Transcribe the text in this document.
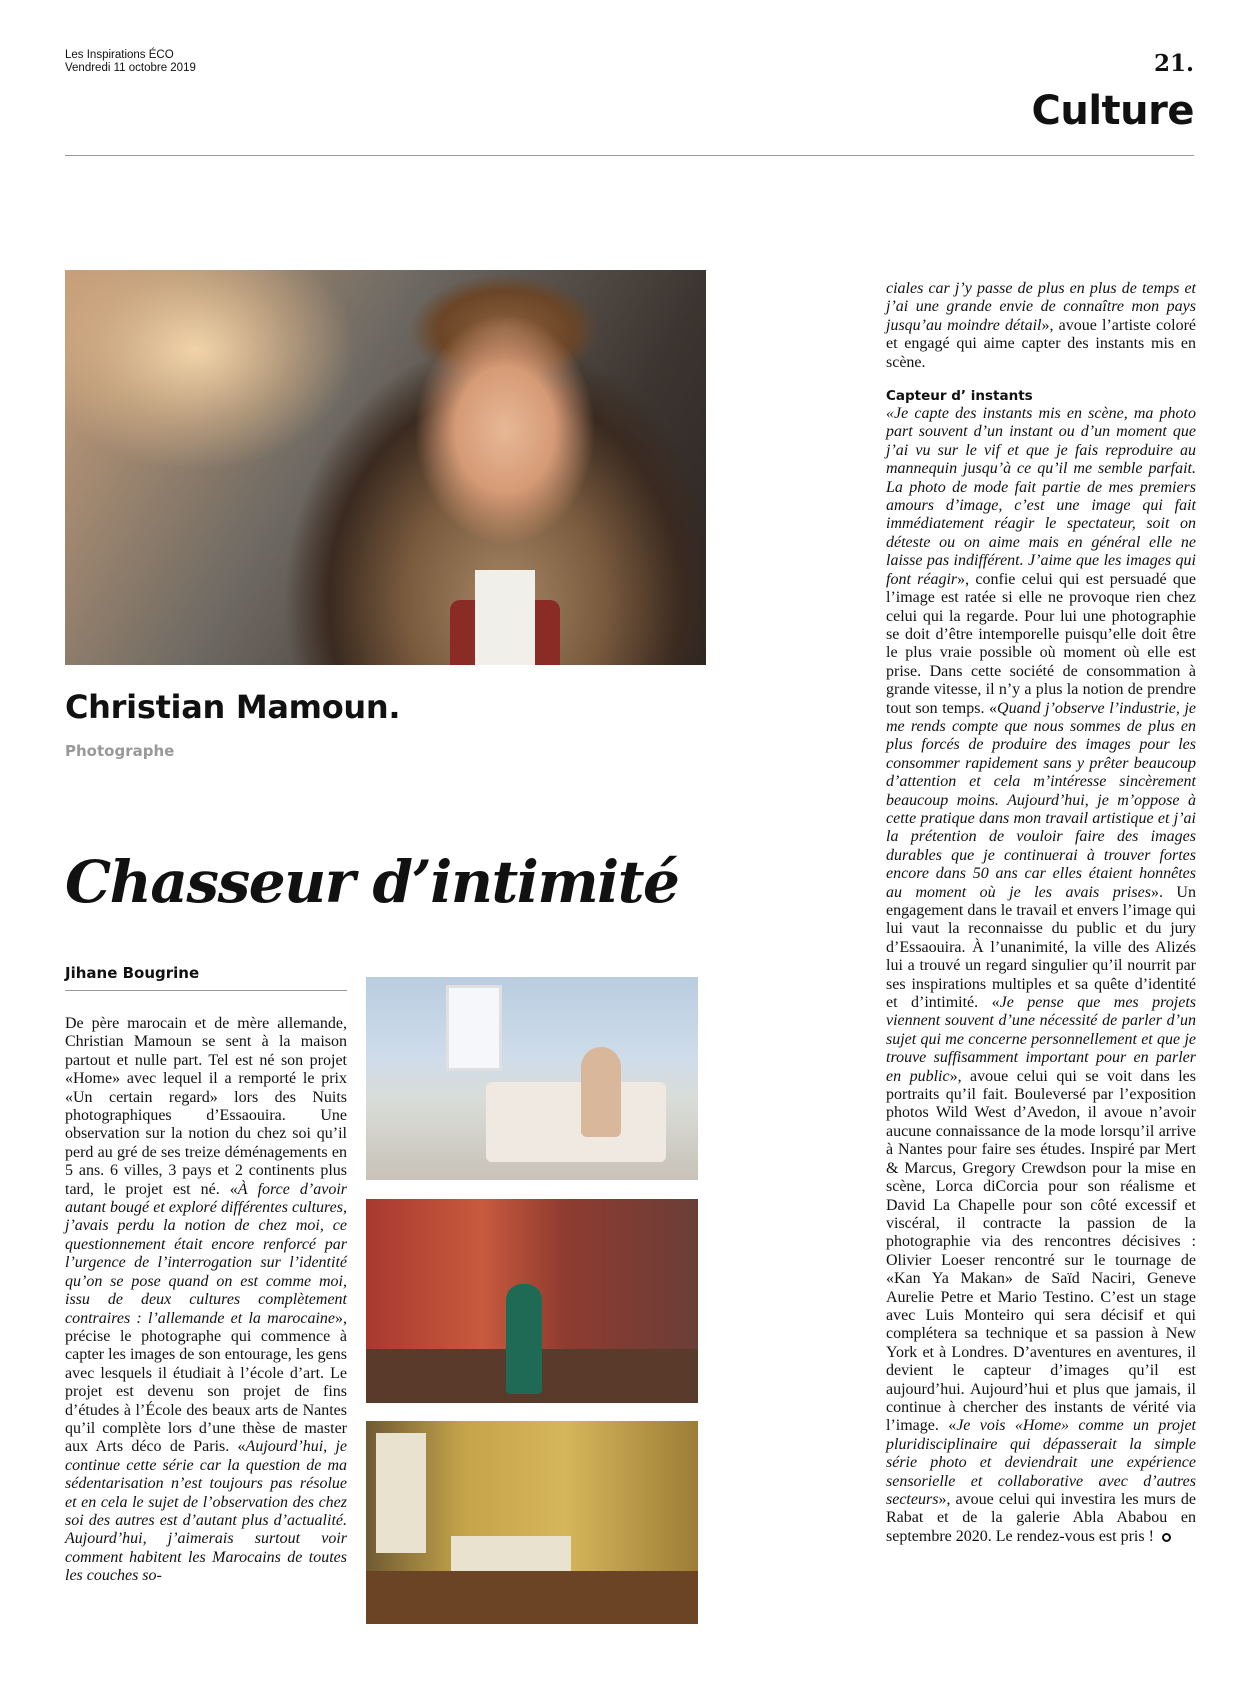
Les Inspirations ÉCO
Vendredi 11 octobre 2019	21.
Culture
Christian Mamoun.
Photographe
Chasseur d’intimité
Jihane Bougrine

De père marocain et de mère allemande, Christian Mamoun se sent à la maison partout et nulle part. Tel est né son projet «Home» avec lequel il a remporté le prix «Un certain regard» lors des Nuits photographiques d’Essaouira. Une observation sur la notion du chez soi qu’il perd au gré de ses treize déménagements en 5 ans. 6 villes, 3 pays et 2 continents plus tard, le projet est né. «À force d’avoir autant bougé et exploré différentes cultures, j’avais perdu la notion de chez moi, ce questionnement était encore renforcé par l’urgence de l’interrogation sur l’identité qu’on se pose quand on est comme moi, issu de deux cultures complètement contraires : l’allemande et la marocaine», précise le photographe qui commence à capter les images de son entourage, les gens avec lesquels il étudiait à l’école d’art. Le projet est devenu son projet de fins d’études à l’École des beaux arts de Nantes qu’il complète lors d’une thèse de master aux Arts déco de Paris. «Aujourd’hui, je continue cette série car la question de ma sédentarisation n’est toujours pas résolue et en cela le sujet de l’observation des chez soi des autres est d’autant plus d’actualité. Aujourd’hui, j’aimerais surtout voir comment habitent les Marocains de toutes les couches so-

ciales car j’y passe de plus en plus de temps et j’ai une grande envie de connaître mon pays jusqu’au moindre détail», avoue l’artiste coloré et engagé qui aime capter des instants mis en scène.

Capteur d’ instants

«Je capte des instants mis en scène, ma photo part souvent d’un instant ou d’un moment que j’ai vu sur le vif et que je fais reproduire au mannequin jusqu’à ce qu’il me semble parfait. La photo de mode fait partie de mes premiers amours d’image, c’est une image qui fait immédiatement réagir le spectateur, soit on déteste ou on aime mais en général elle ne laisse pas indifférent. J’aime que les images qui font réagir», confie celui qui est persuadé que l’image est ratée si elle ne provoque rien chez celui qui la regarde. Pour lui une photographie se doit d’être intemporelle puisqu’elle doit être le plus vraie possible où moment où elle est prise. Dans cette société de consommation à grande vitesse, il n’y a plus la notion de prendre tout son temps. «Quand j’observe l’industrie, je me rends compte que nous sommes de plus en plus forcés de produire des images pour les consommer rapidement sans y prêter beaucoup d’attention et cela m’intéresse sincèrement beaucoup moins. Aujourd’hui, je m’oppose à cette pratique dans mon travail artistique et j’ai la prétention de vouloir faire des images durables que je continuerai à trouver fortes encore dans 50 ans car elles étaient honnêtes au moment où je les avais prises». Un engagement dans le travail et envers l’image qui lui vaut la reconnaisse du public et du jury d’Essaouira. À l’unanimité, la ville des Alizés lui a trouvé un regard singulier qu’il nourrit par ses inspirations multiples et sa quête d’identité et d’intimité. «Je pense que mes projets viennent souvent d’une nécessité de parler d’un sujet qui me concerne personnellement et que je trouve suffisamment important pour en parler en public», avoue celui qui se voit dans les portraits qu’il fait. Bouleversé par l’exposition photos Wild West d’Avedon, il avoue n’avoir aucune connaissance de la mode lorsqu’il arrive à Nantes pour faire ses études. Inspiré par Mert & Marcus, Gregory Crewdson pour la mise en scène, Lorca diCorcia pour son réalisme et David La Chapelle pour son côté excessif et viscéral, il contracte la passion de la photographie via des rencontres décisives : Olivier Loeser rencontré sur le tournage de «Kan Ya Makan» de Saïd Naciri, Geneve Aurelie Petre et Mario Testino. C’est un stage avec Luis Monteiro qui sera décisif et qui complétera sa technique et sa passion à New York et à Londres. D’aventures en aventures, il devient le capteur d’images qu’il est aujourd’hui. Aujourd’hui et plus que jamais, il continue à chercher des instants de vérité via l’image. «Je vois «Home» comme un projet pluridisciplinaire qui dépasserait la simple série photo et deviendrait une expérience sensorielle et collaborative avec d’autres secteurs», avoue celui qui investira les murs de Rabat et de la galerie Abla Ababou en septembre 2020. Le rendez-vous est pris !
